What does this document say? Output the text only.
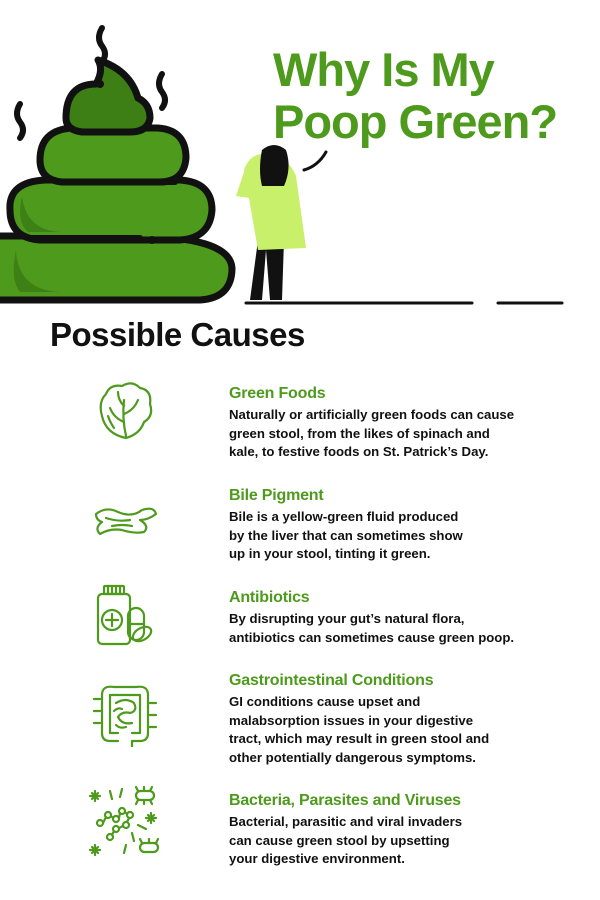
Why Is My
Poop Green?
Possible Causes
Green Foods

Naturally or artificially green foods can cause
green stool, from the likes of spinach and
kale, to festive foods on St. Patrick’s Day.

Bile Pigment

Bile is a yellow-green fluid produced
by the liver that can sometimes show
up in your stool, tinting it green.

Antibiotics

By disrupting your gut’s natural flora,
antibiotics can sometimes cause green poop.

Gastrointestinal Conditions

GI conditions cause upset and
malabsorption issues in your digestive
tract, which may result in green stool and
other potentially dangerous symptoms.

Bacteria, Parasites and Viruses

Bacterial, parasitic and viral invaders
can cause green stool by upsetting
your digestive environment.
